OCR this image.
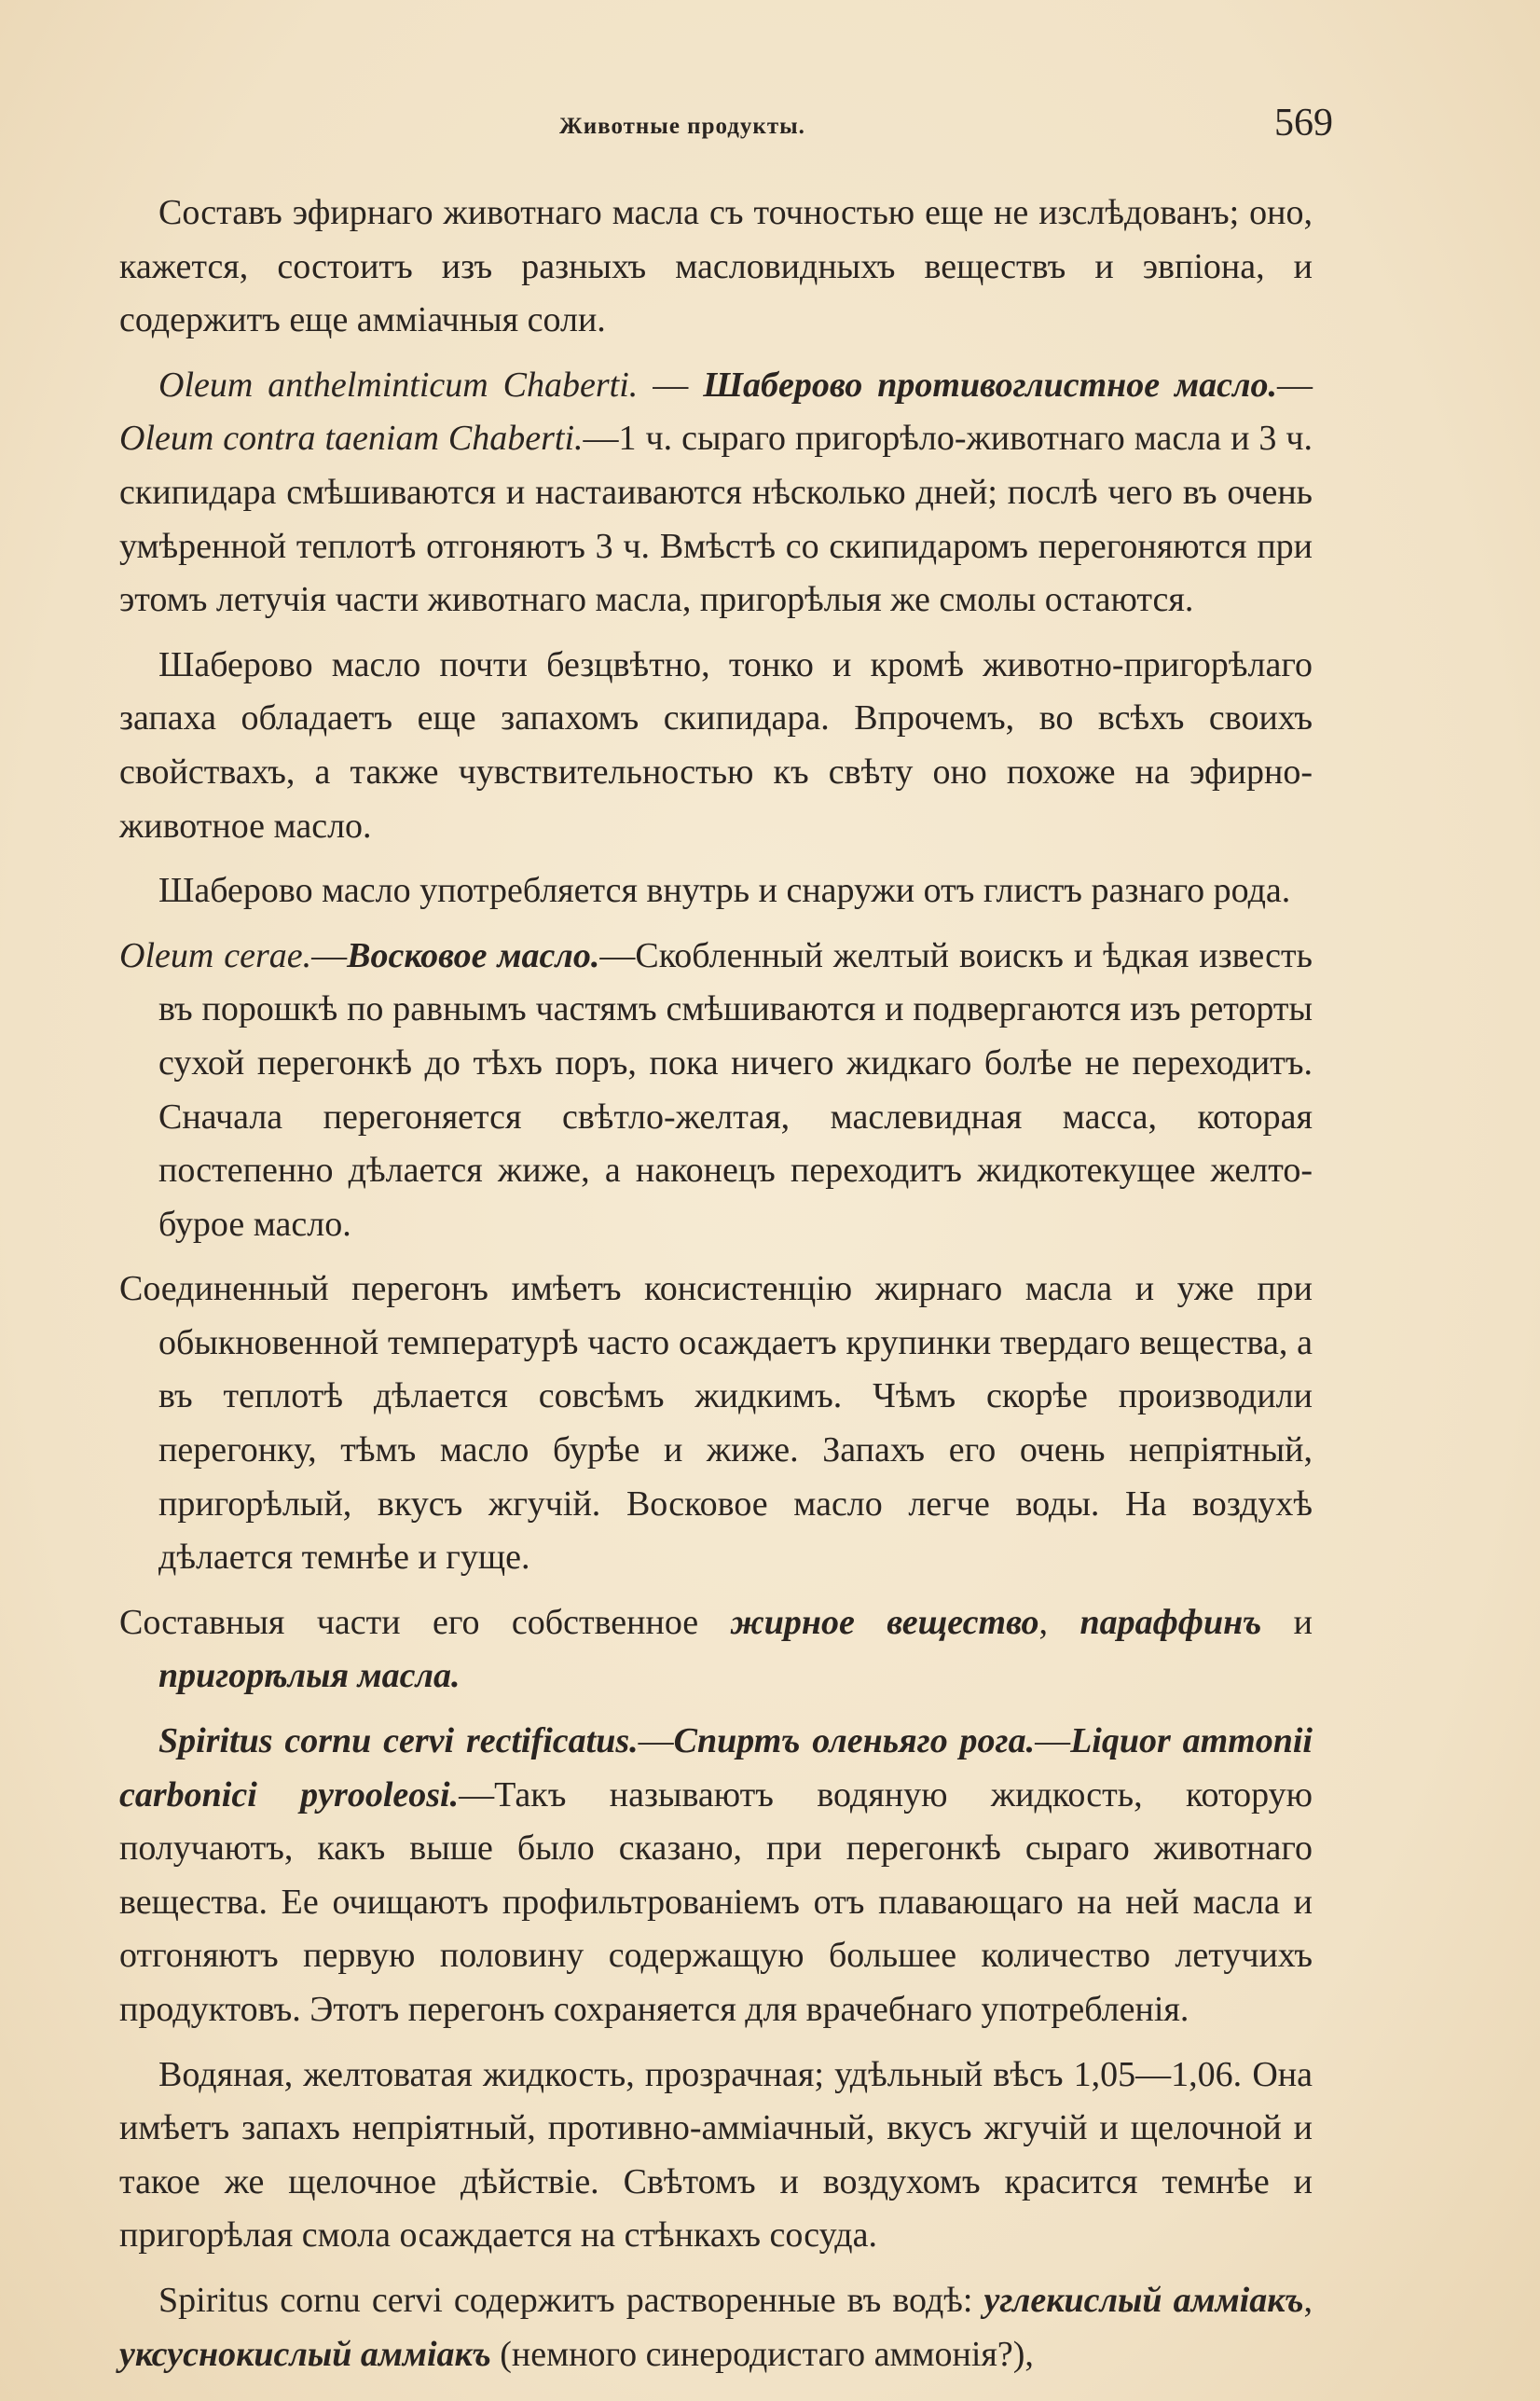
Животные продукты.	569

Составъ эфирнаго животнаго масла съ точностью еще не изслѣдованъ; оно, кажется, состоитъ изъ разныхъ масловидныхъ веществъ и эвпіона, и содержитъ еще амміачныя соли.

Oleum anthelminticum Chaberti. — Шаберово противоглистное масло.—Oleum contra taeniam Chaberti.—1 ч. сыраго пригорѣло-животнаго масла и 3 ч. скипидара смѣшиваются и настаиваются нѣсколько дней; послѣ чего въ очень умѣренной теплотѣ отгоняютъ 3 ч. Вмѣстѣ со скипидаромъ перегоняются при этомъ летучія части животнаго масла, пригорѣлыя же смолы остаются.

Шаберово масло почти безцвѣтно, тонко и кромѣ животно-пригорѣлаго запаха обладаетъ еще запахомъ скипидара. Впрочемъ, во всѣхъ своихъ свойствахъ, а также чувствительностью къ свѣту оно похоже на эфирно-животное масло.

Шаберово масло употребляется внутрь и снаружи отъ глистъ разнаго рода.

Oleum cerae.—Восковое масло.—Скобленный желтый воискъ и ѣдкая известь въ порошкѣ по равнымъ частямъ смѣшиваются и подвергаются изъ реторты сухой перегонкѣ до тѣхъ поръ, пока ничего жидкаго болѣе не переходитъ. Сначала перегоняется свѣтло-желтая, маслевидная масса, которая постепенно дѣлается жиже, а наконецъ переходитъ жидкотекущее желто-бурое масло.

Соединенный перегонъ имѣетъ консистенцію жирнаго масла и уже при обыкновенной температурѣ часто осаждаетъ крупинки твердаго вещества, а въ теплотѣ дѣлается совсѣмъ жидкимъ. Чѣмъ скорѣе производили перегонку, тѣмъ масло бурѣе и жиже. Запахъ его очень непріятный, пригорѣлый, вкусъ жгучій. Восковое масло легче воды. На воздухѣ дѣлается темнѣе и гуще.

Составныя части его собственное жирное вещество, параффинъ и пригорѣлыя масла.

Spiritus cornu cervi rectificatus.—Спиртъ оленьяго рога.—Liquor ammonii carbonici pyrooleosi.—Такъ называютъ водяную жидкость, которую получаютъ, какъ выше было сказано, при перегонкѣ сыраго животнаго вещества. Ее очищаютъ профильтрованіемъ отъ плавающаго на ней масла и отгоняютъ первую половину содержащую большее количество летучихъ продуктовъ. Этотъ перегонъ сохраняется для врачебнаго употребленія.

Водяная, желтоватая жидкость, прозрачная; удѣльный вѣсъ 1,05—1,06. Она имѣетъ запахъ непріятный, противно-амміачный, вкусъ жгучій и щелочной и такое же щелочное дѣйствіе. Свѣтомъ и воздухомъ красится темнѣе и пригорѣлая смола осаждается на стѣнкахъ сосуда.

Spiritus cornu cervi содержитъ растворенные въ водѣ: углекислый амміакъ, уксуснокислый амміакъ (немного синеродистаго аммонія?),
